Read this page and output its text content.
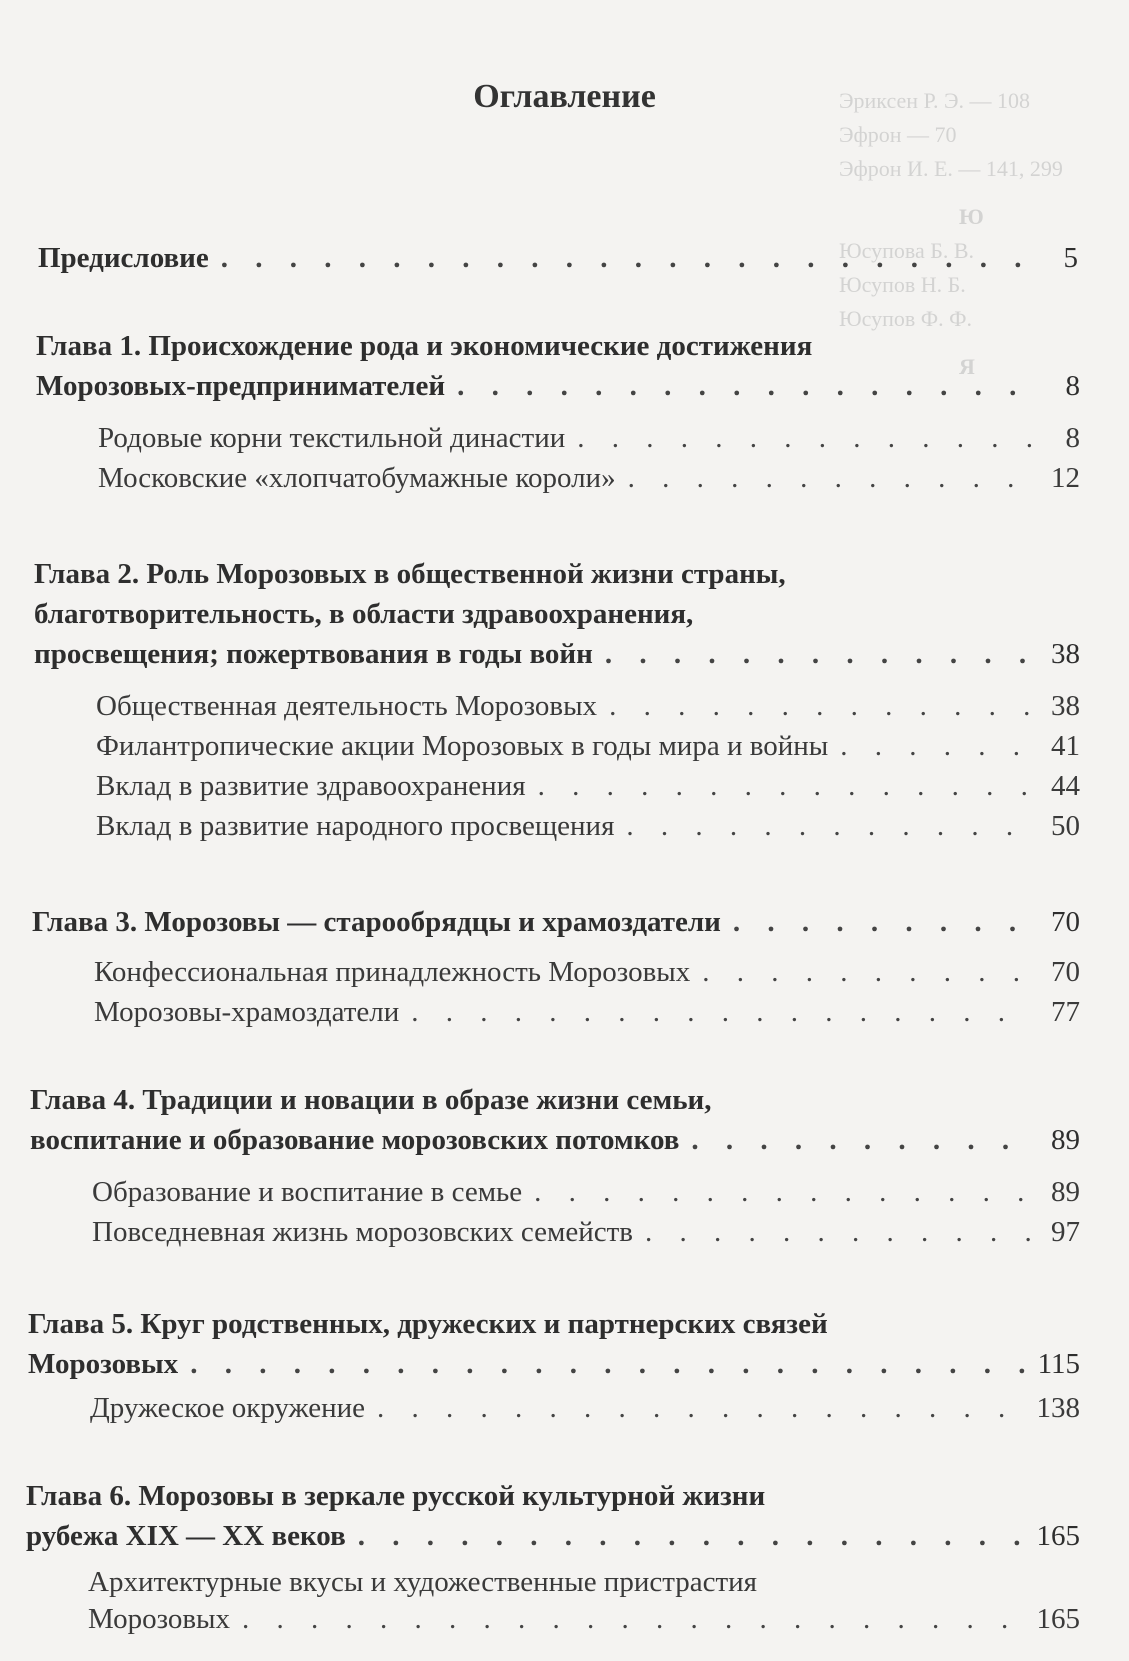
Эриксен Р. Э. — 108
Эфрон — 70
Эфрон И. Е. — 141, 299
Ю
Юсупова Б. В.
Юсупов Н. Б.
Юсупов Ф. Ф.
Я
Оглавление
Предисловие . . .	5
Глава 1. Происхождение рода и экономические достижения
Морозовых-предпринимателей . . .	8
Родовые корни текстильной династии . . .	8
Московские «хлопчатобумажные короли» . . .	12
Глава 2. Роль Морозовых в общественной жизни страны,
благотворительность, в области здравоохранения,
просвещения; пожертвования в годы войн . . .	38
Общественная деятельность Морозовых . . .	38
Филантропические акции Морозовых в годы мира и войны . . .	41
Вклад в развитие здравоохранения . . .	44
Вклад в развитие народного просвещения . . .	50
Глава 3. Морозовы — старообрядцы и храмоздатели . . .	70
Конфессиональная принадлежность Морозовых . . .	70
Морозовы-храмоздатели . . .	77
Глава 4. Традиции и новации в образе жизни семьи,
воспитание и образование морозовских потомков . . .	89
Образование и воспитание в семье . . .	89
Повседневная жизнь морозовских семейств . . .	97
Глава 5. Круг родственных, дружеских и партнерских связей
Морозовых . . .	115
Дружеское окружение . . .	138
Глава 6. Морозовы в зеркале русской культурной жизни
рубежа XIX — XX веков . . .	165
Архитектурные вкусы и художественные пристрастия
Морозовых . . .	165
